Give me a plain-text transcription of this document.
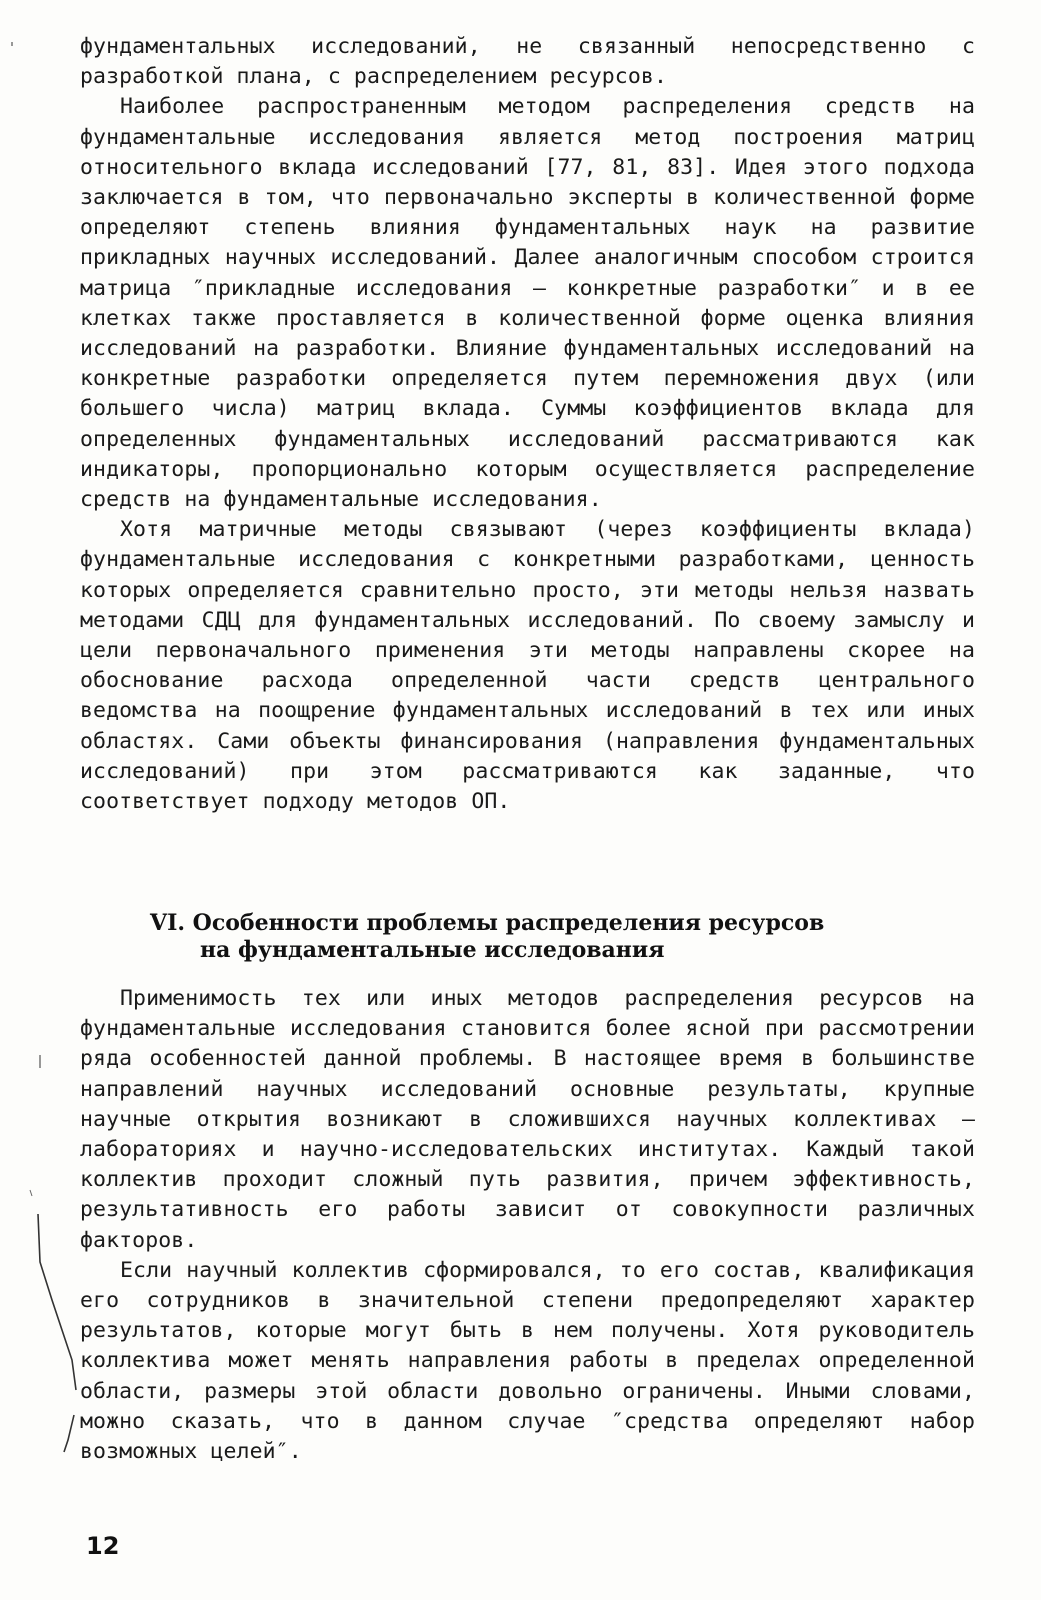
фундаментальных исследований, не связанный непосредственно с разработкой плана, с распределением ресурсов.

Наиболее распространенным методом распределения средств на фундаментальные исследования является метод построения матриц относительного вклада исследований [77, 81, 83]. Идея этого подхода заключается в том, что первоначально эксперты в количественной форме определяют степень влияния фундаментальных наук на развитие прикладных научных исследований. Далее аналогичным способом строится матрица ″прикладные исследования – конкретные разработки″ и в ее клетках также проставляется в количественной форме оценка влияния исследований на разработки. Влияние фундаментальных исследований на конкретные разработки определяется путем перемножения двух (или большего числа) матриц вклада. Суммы коэффициентов вклада для определенных фундаментальных исследований рассматриваются как индикаторы, пропорционально которым осуществляется распределение средств на фундаментальные исследования.

Хотя матричные методы связывают (через коэффициенты вклада) фундаментальные исследования с конкретными разработками, ценность которых определяется сравнительно просто, эти методы нельзя назвать методами СДЦ для фундаментальных исследований. По своему замыслу и цели первоначального применения эти методы направлены скорее на обоснование расхода определенной части средств центрального ведомства на поощрение фундаментальных исследований в тех или иных областях. Сами объекты финансирования (направления фундаментальных исследований) при этом рассматриваются как заданные, что соответствует подходу методов ОП.

VI. Особенности проблемы распределения ресурсов
на фундаментальные исследования

Применимость тех или иных методов распределения ресурсов на фундаментальные исследования становится более ясной при рассмотрении ряда особенностей данной проблемы. В настоящее время в большинстве направлений научных исследований основные результаты, крупные научные открытия возникают в сложившихся научных коллективах – лабораториях и научно-исследовательских институтах. Каждый такой коллектив проходит сложный путь развития, причем эффективность, результативность его работы зависит от совокупности различных факторов.

Если научный коллектив сформировался, то его состав, квалификация его сотрудников в значительной степени предопределяют характер результатов, которые могут быть в нем получены. Хотя руководитель коллектива может менять направления работы в пределах определенной области, размеры этой области довольно ограничены. Иными словами, можно сказать, что в данном случае ″средства определяют набор возможных целей″.

12
